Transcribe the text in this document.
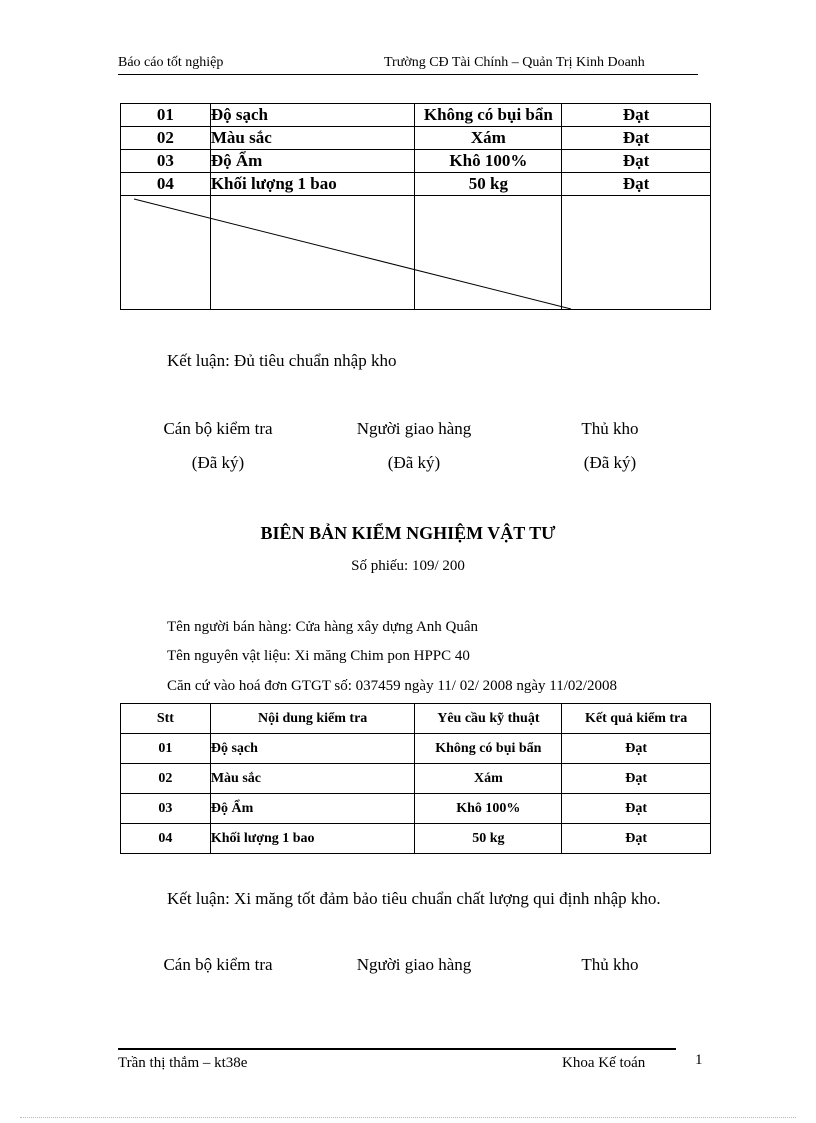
Báo cáo tốt nghiệp	Trường CĐ Tài Chính – Quản Trị Kinh Doanh
01	Độ sạch	Không có bụi bẩn	Đạt
02	Màu sắc	Xám	Đạt
03	Độ Ẩm	Khô 100%	Đạt
04	Khối lượng 1 bao	50 kg	Đạt

Kết luận: Đủ tiêu chuẩn nhập kho
Cán bộ kiểm tra	Người giao hàng	Thủ kho
(Đã ký)	(Đã ký)	(Đã ký)
BIÊN BẢN KIỂM NGHIỆM VẬT TƯ
Số phiếu: 109/ 200
Tên người bán hàng: Cửa hàng xây dựng Anh Quân
Tên nguyên vật liệu: Xi măng Chim pon HPPC 40
Căn cứ vào hoá đơn GTGT số: 037459 ngày 11/ 02/ 2008 ngày 11/02/2008
Stt	Nội dung kiểm tra	Yêu cầu kỹ thuật	Kết quả kiểm tra
01	Độ sạch	Không có bụi bẩn	Đạt
02	Màu sắc	Xám	Đạt
03	Độ Ẩm	Khô 100%	Đạt
04	Khối lượng 1 bao	50 kg	Đạt
Kết luận: Xi măng tốt đảm bảo tiêu chuẩn chất lượng qui định nhập kho.
Cán bộ kiểm tra	Người giao hàng	Thủ kho
Trần thị thắm – kt38e	Khoa Kế toán	1
